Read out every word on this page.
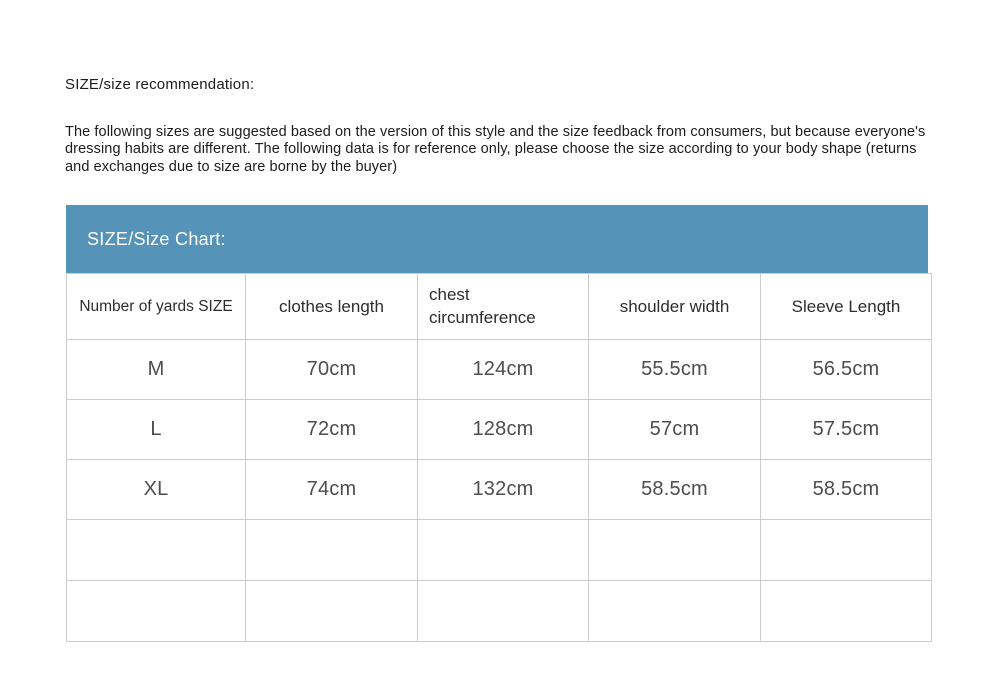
SIZE/size recommendation:

The following sizes are suggested based on the version of this style and the size feedback from consumers, but because everyone's dressing habits are different. The following data is for reference only, please choose the size according to your body shape (returns and exchanges due to size are borne by the buyer)

SIZE/Size Chart:
Number of yards SIZE	clothes length	chest circumference	shoulder width	Sleeve Length
M	70cm	124cm	55.5cm	56.5cm
L	72cm	128cm	57cm	57.5cm
XL	74cm	132cm	58.5cm	58.5cm
